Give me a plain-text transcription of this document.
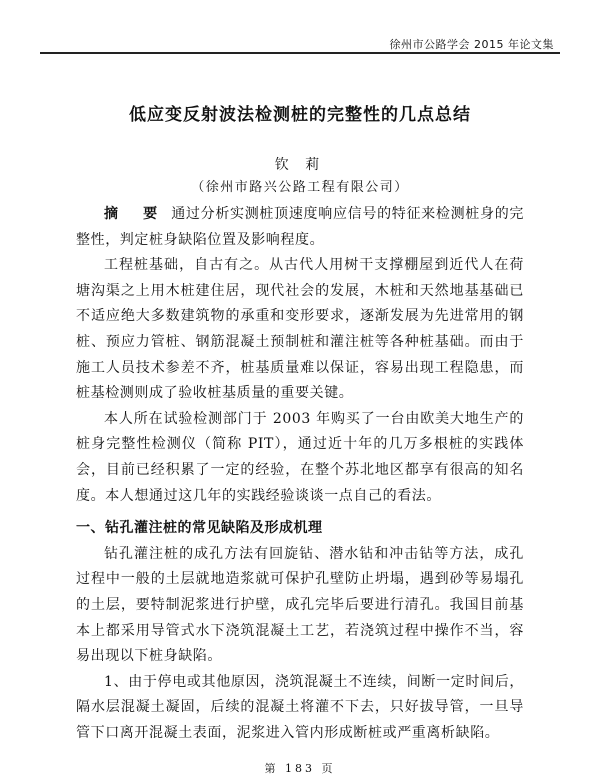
徐州市公路学会 2015 年论文集
低应变反射波法检测桩的完整性的几点总结
钦 莉
（徐州市路兴公路工程有限公司）

摘 要 通过分析实测桩顶速度响应信号的特征来检测桩身的完整性，判定桩身缺陷位置及影响程度。

工程桩基础，自古有之。从古代人用树干支撑棚屋到近代人在荷塘沟渠之上用木桩建住居，现代社会的发展，木桩和天然地基基础已不适应绝大多数建筑物的承重和变形要求，逐渐发展为先进常用的钢桩、预应力管桩、钢筋混凝土预制桩和灌注桩等各种桩基础。而由于施工人员技术参差不齐，桩基质量难以保证，容易出现工程隐患，而桩基检测则成了验收桩基质量的重要关键。

本人所在试验检测部门于 2003 年购买了一台由欧美大地生产的桩身完整性检测仪（简称 PIT），通过近十年的几万多根桩的实践体会，目前已经积累了一定的经验，在整个苏北地区都享有很高的知名度。本人想通过这几年的实践经验谈谈一点自己的看法。

一、钻孔灌注桩的常见缺陷及形成机理

钻孔灌注桩的成孔方法有回旋钻、潜水钻和冲击钻等方法，成孔过程中一般的土层就地造浆就可保护孔壁防止坍塌，遇到砂等易塌孔的土层，要特制泥浆进行护壁，成孔完毕后要进行清孔。我国目前基本上都采用导管式水下浇筑混凝土工艺，若浇筑过程中操作不当，容易出现以下桩身缺陷。

1、由于停电或其他原因，浇筑混凝土不连续，间断一定时间后，隔水层混凝土凝固，后续的混凝土将灌不下去，只好拔导管，一旦导管下口离开混凝土表面，泥浆进入管内形成断桩或严重离析缺陷。

第 183 页
